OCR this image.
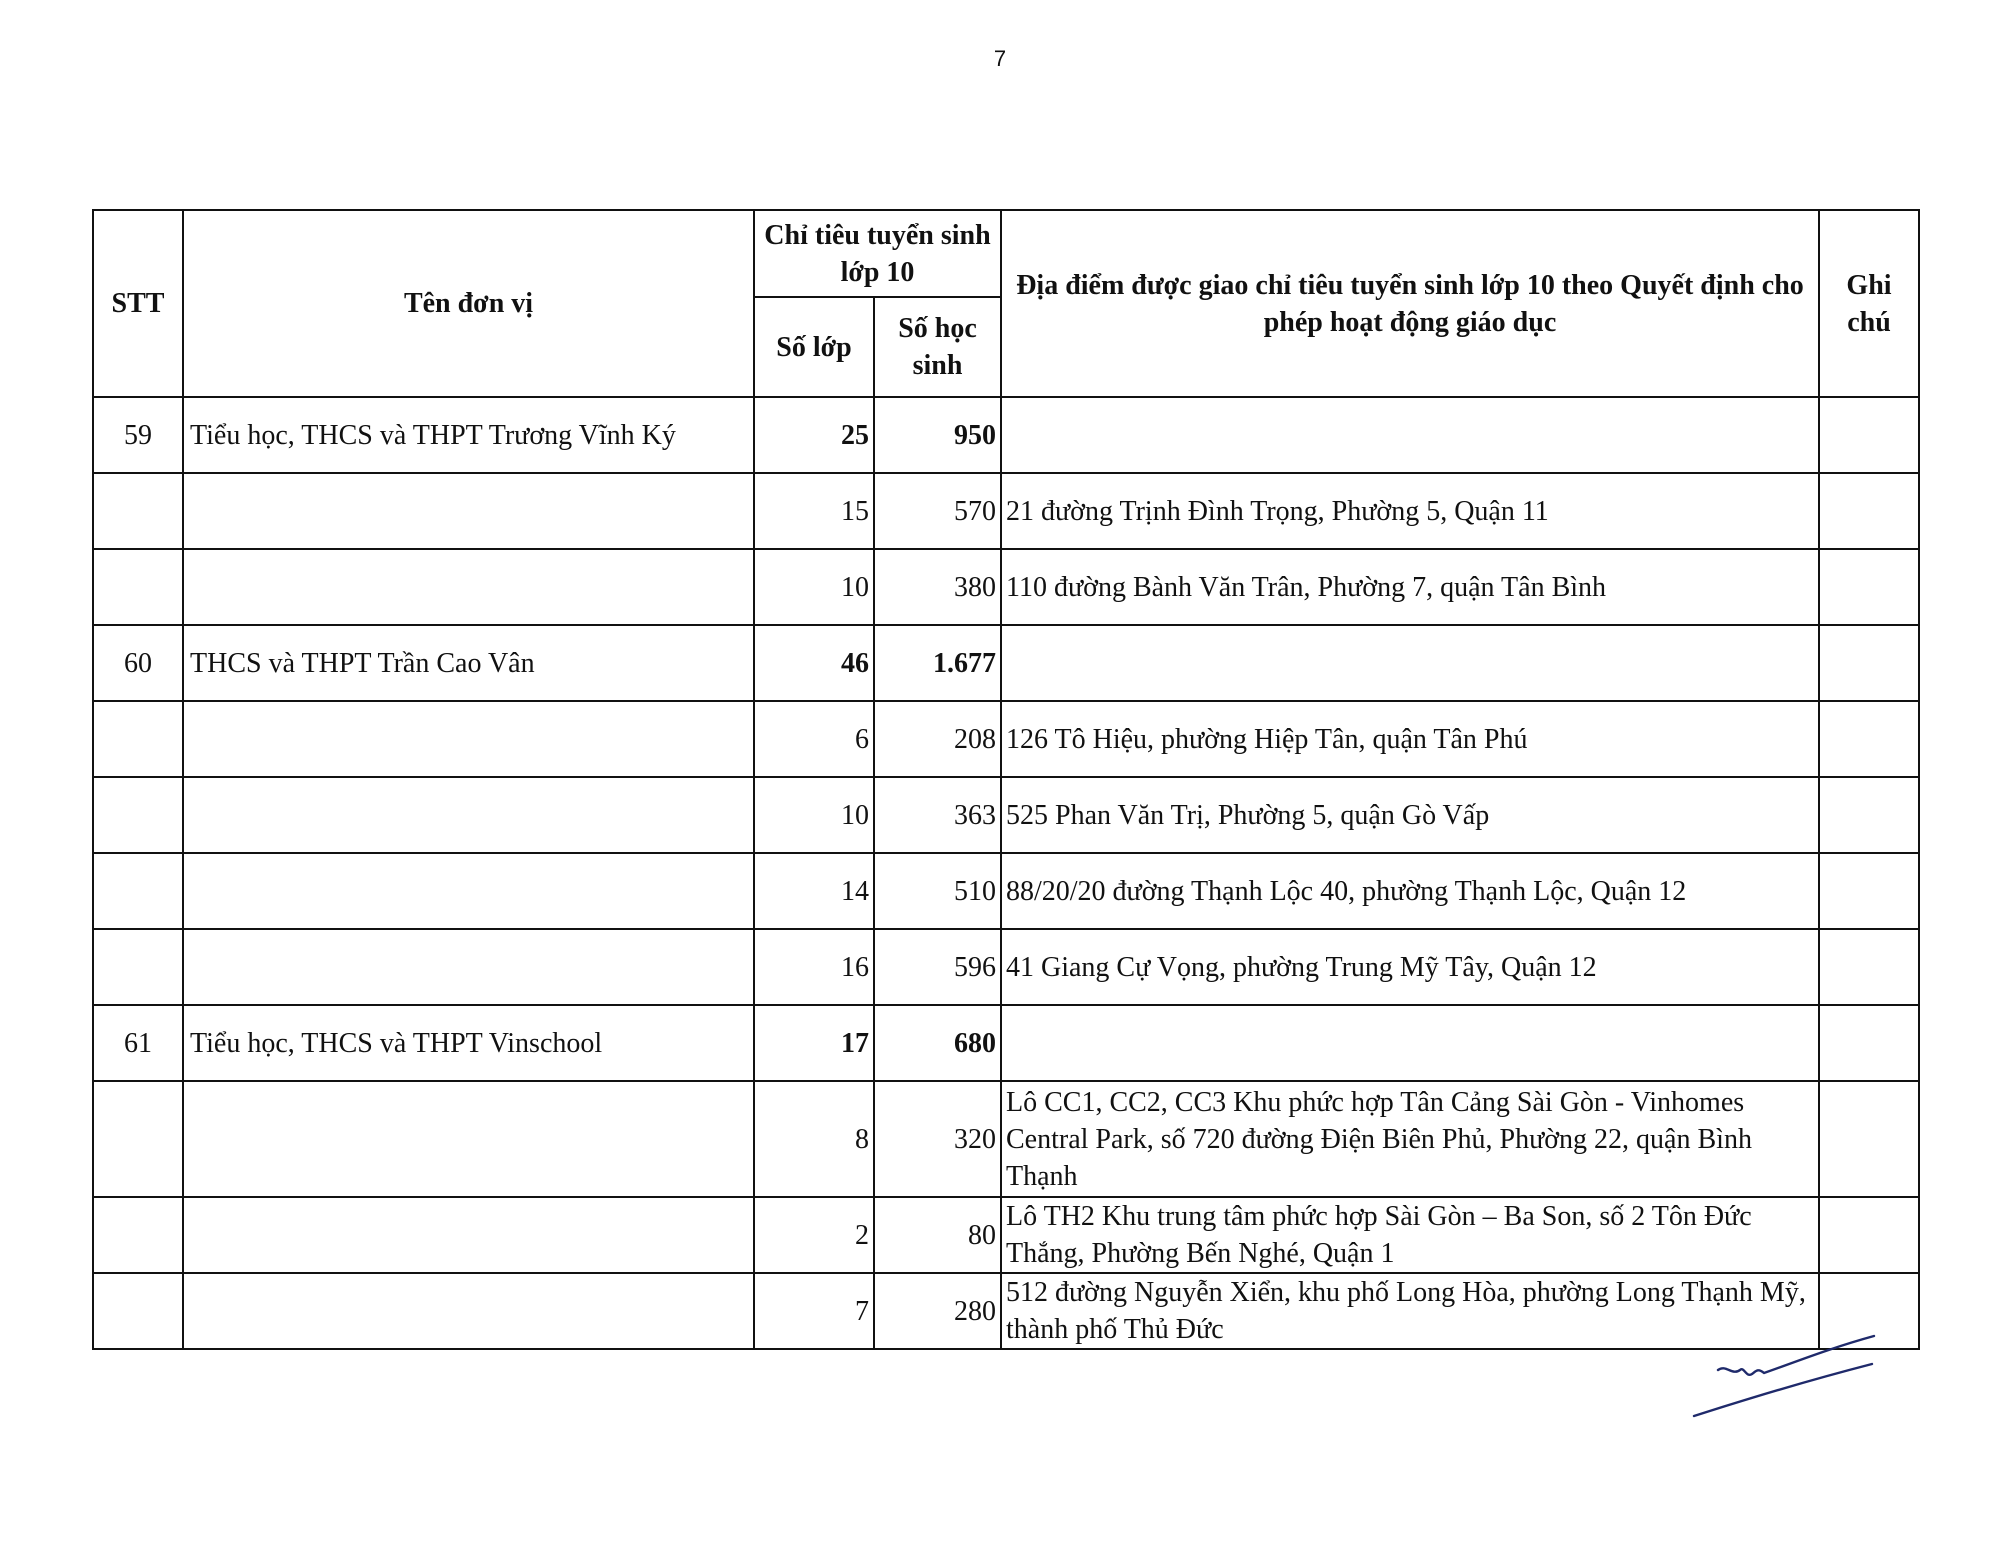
7
STT	Tên đơn vị	Chỉ tiêu tuyển sinh lớp 10		Địa điểm được giao chỉ tiêu tuyển sinh lớp 10 theo Quyết định cho phép hoạt động giáo dục	Ghi chú
		Số lớp	Số học sinh		
59	Tiểu học, THCS và THPT Trương Vĩnh Ký	25	950		
		15	570	21 đường Trịnh Đình Trọng, Phường 5, Quận 11	
		10	380	110 đường Bành Văn Trân, Phường 7, quận Tân Bình	
60	THCS và THPT Trần Cao Vân	46	1.677		
		6	208	126 Tô Hiệu, phường Hiệp Tân, quận Tân Phú	
		10	363	525 Phan Văn Trị, Phường 5, quận Gò Vấp	
		14	510	88/20/20 đường Thạnh Lộc 40, phường Thạnh Lộc, Quận 12	
		16	596	41 Giang Cự Vọng, phường Trung Mỹ Tây, Quận 12	
61	Tiểu học, THCS và THPT Vinschool	17	680		
		8	320	Lô CC1, CC2, CC3 Khu phức hợp Tân Cảng Sài Gòn - Vinhomes Central Park, số 720 đường Điện Biên Phủ, Phường 22, quận Bình Thạnh	
		2	80	Lô TH2 Khu trung tâm phức hợp Sài Gòn – Ba Son, số 2 Tôn Đức Thắng, Phường Bến Nghé, Quận 1	
		7	280	512 đường Nguyễn Xiển, khu phố Long Hòa, phường Long Thạnh Mỹ, thành phố Thủ Đức	
